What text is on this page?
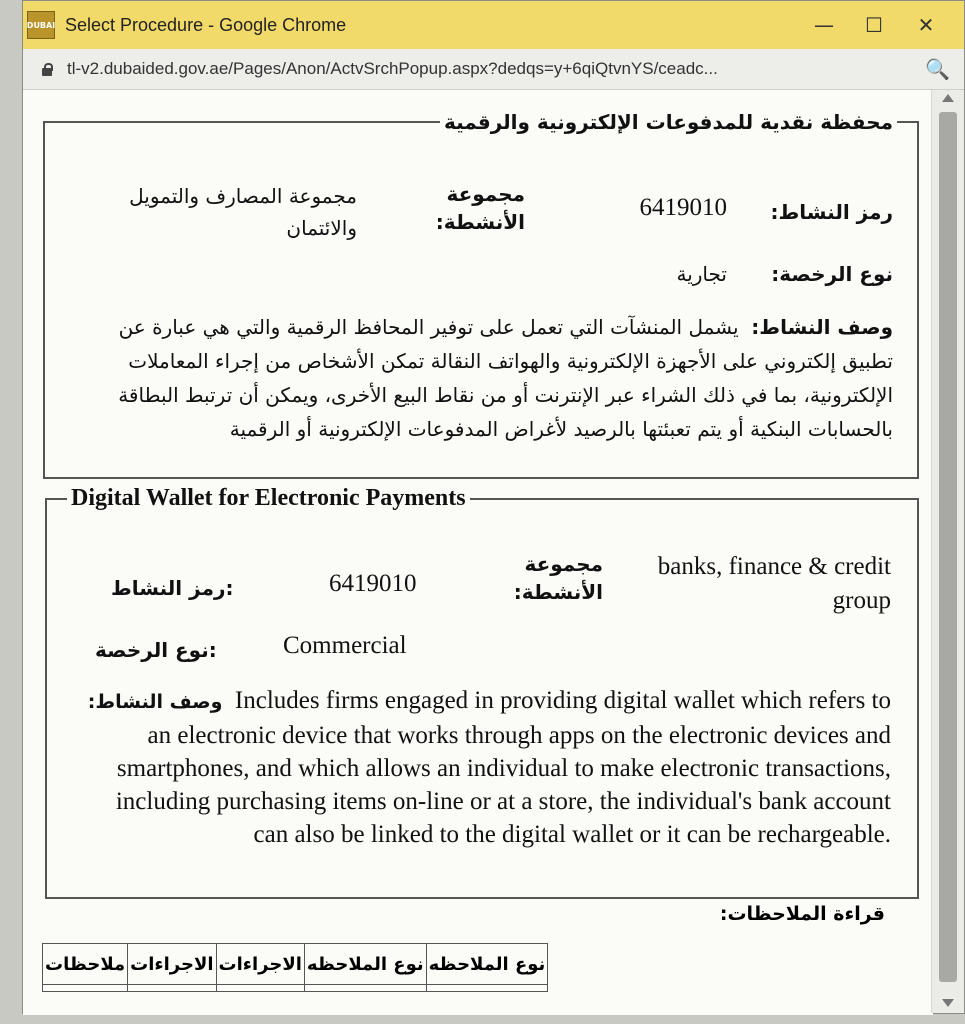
DUBAI Select Procedure - Google Chrome	—	☐	✕
tl-v2.dubaided.gov.ae/Pages/Anon/ActvSrchPopup.aspx?dedqs=y+6qiQtvnYS/ceadc...	🔍
محفظة نقدية للمدفوعات الإلكترونية والرقمية
رمز النشاط:
6419010
مجموعة الأنشطة:
مجموعة المصارف والتمويل والائتمان
نوع الرخصة:
تجارية
وصف النشاط:  يشمل المنشآت التي تعمل على توفير المحافظ الرقمية والتي هي عبارة عن تطبيق إلكتروني على الأجهزة الإلكترونية والهواتف النقالة تمكن الأشخاص من إجراء المعاملات الإلكترونية، بما في ذلك الشراء عبر الإنترنت أو من نقاط البيع الأخرى، ويمكن أن ترتبط البطاقة بالحسابات البنكية أو يتم تعبئتها بالرصيد لأغراض المدفوعات الإلكترونية أو الرقمية
Digital Wallet for Electronic Payments
:رمز النشاط	6419010
مجموعة الأنشطة:
banks, finance & credit group
:نوع الرخصة	Commercial
:وصف النشاط Includes firms engaged in providing digital wallet which refers to an electronic device that works through apps on the electronic devices and smartphones, and which allows an individual to make electronic transactions, including purchasing items on-line or at a store, the individual's bank account can also be linked to the digital wallet or it can be rechargeable.
قراءة الملاحظات:
نوع الملاحظه	نوع الملاحظه	الاجراءات	الاجراءات	ملاحظات
